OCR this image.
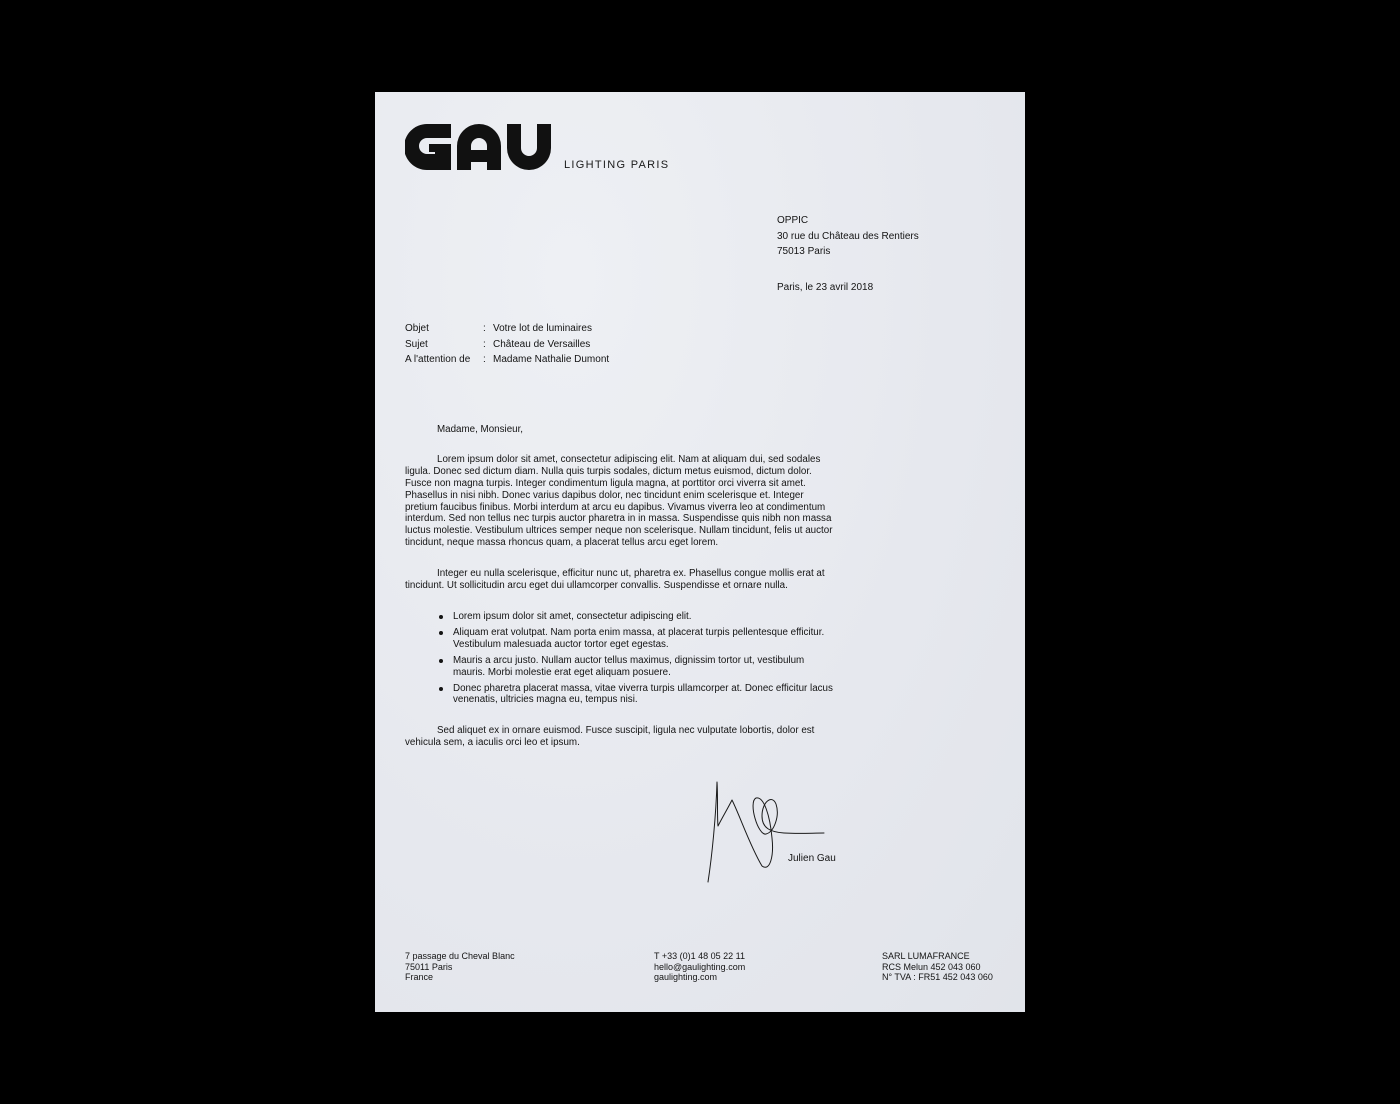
LIGHTING PARIS
OPPIC
30 rue du Château des Rentiers
75013 Paris
Paris, le 23 avril 2018
Objet	: Votre lot de luminaires
Sujet	: Château de Versailles
A l'attention de	: Madame Nathalie Dumont

Madame, Monsieur,

Lorem ipsum dolor sit amet, consectetur adipiscing elit. Nam at aliquam dui, sed sodales ligula. Donec sed dictum diam. Nulla quis turpis sodales, dictum metus euismod, dictum dolor. Fusce non magna turpis. Integer condimentum ligula magna, at porttitor orci viverra sit amet. Phasellus in nisi nibh. Donec varius dapibus dolor, nec tincidunt enim scelerisque et. Integer pretium faucibus finibus. Morbi interdum at arcu eu dapibus. Vivamus viverra leo at condimentum interdum. Sed non tellus nec turpis auctor pharetra in in massa. Suspendisse quis nibh non massa luctus molestie. Vestibulum ultrices semper neque non scelerisque. Nullam tincidunt, felis ut auctor tincidunt, neque massa rhoncus quam, a placerat tellus arcu eget lorem.

Integer eu nulla scelerisque, efficitur nunc ut, pharetra ex. Phasellus congue mollis erat at tincidunt. Ut sollicitudin arcu eget dui ullamcorper convallis. Suspendisse et ornare nulla.

Lorem ipsum dolor sit amet, consectetur adipiscing elit.
Aliquam erat volutpat. Nam porta enim massa, at placerat turpis pellentesque efficitur. Vestibulum malesuada auctor tortor eget egestas.
Mauris a arcu justo. Nullam auctor tellus maximus, dignissim tortor ut, vestibulum mauris. Morbi molestie erat eget aliquam posuere.
Donec pharetra placerat massa, vitae viverra turpis ullamcorper at. Donec efficitur lacus venenatis, ultricies magna eu, tempus nisi.

Sed aliquet ex in ornare euismod. Fusce suscipit, ligula nec vulputate lobortis, dolor est vehicula sem, a iaculis orci leo et ipsum.

Julien Gau
7 passage du Cheval Blanc
75011 Paris
France
T +33 (0)1 48 05 22 11
hello@gaulighting.com
gaulighting.com
SARL LUMAFRANCE
RCS Melun 452 043 060
N° TVA : FR51 452 043 060
